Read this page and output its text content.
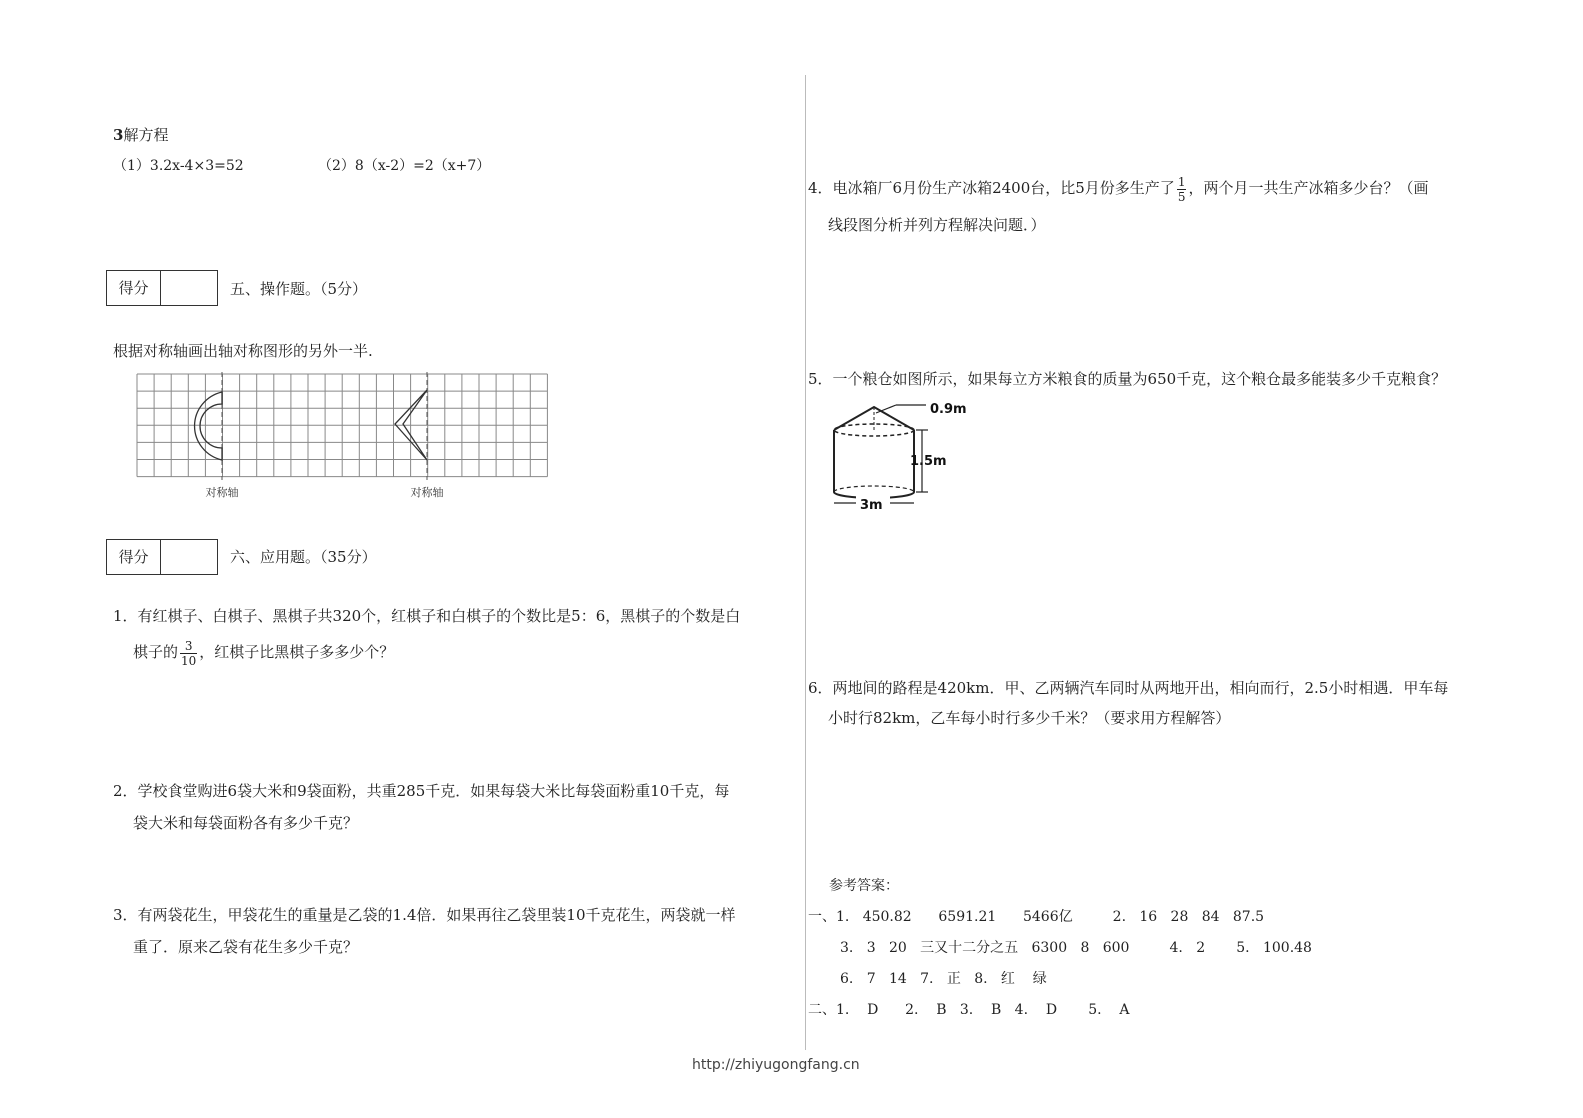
3解方程
（1）3.2x-4×3=52	（2）8（x-2）=2（x+7）
得分	五、操作题。（5分）
根据对称轴画出轴对称图形的另外一半.
对称轴	对称轴
得分	六、应用题。（35分）
1．有红棋子、白棋子、黑棋子共320个，红棋子和白棋子的个数比是5：6，黑棋子的个数是白
棋子的 $\frac{3}{10}$ ，红棋子比黑棋子多多少个？
2．学校食堂购进6袋大米和9袋面粉，共重285千克．如果每袋大米比每袋面粉重10千克，每
袋大米和每袋面粉各有多少千克？
3．有两袋花生，甲袋花生的重量是乙袋的1.4倍．如果再往乙袋里装10千克花生，两袋就一样
重了．原来乙袋有花生多少千克？
4．电冰箱厂6月份生产冰箱2400台，比5月份多生产了 $\frac{1}{5}$ ，两个月一共生产冰箱多少台？（画
线段图分析并列方程解决问题．）
5．一个粮仓如图所示，如果每立方米粮食的质量为650千克，这个粮仓最多能装多少千克粮食？
0.9m
1.5m
3m
6．两地间的路程是420km．甲、乙两辆汽车同时从两地开出，相向而行，2.5小时相遇．甲车每
小时行82km，乙车每小时行多少千米？（要求用方程解答）
参考答案：
一、1.   450.82      6591.21      5466亿         2.   16   28   84   87.5
3.   3   20   三又十二分之五   6300   8   600         4.   2       5.   100.48
6.   7   14   7.   正   8.   红    绿
二、1.    D      2.    B   3.    B   4.    D       5.    A
http://zhiyugongfang.cn
